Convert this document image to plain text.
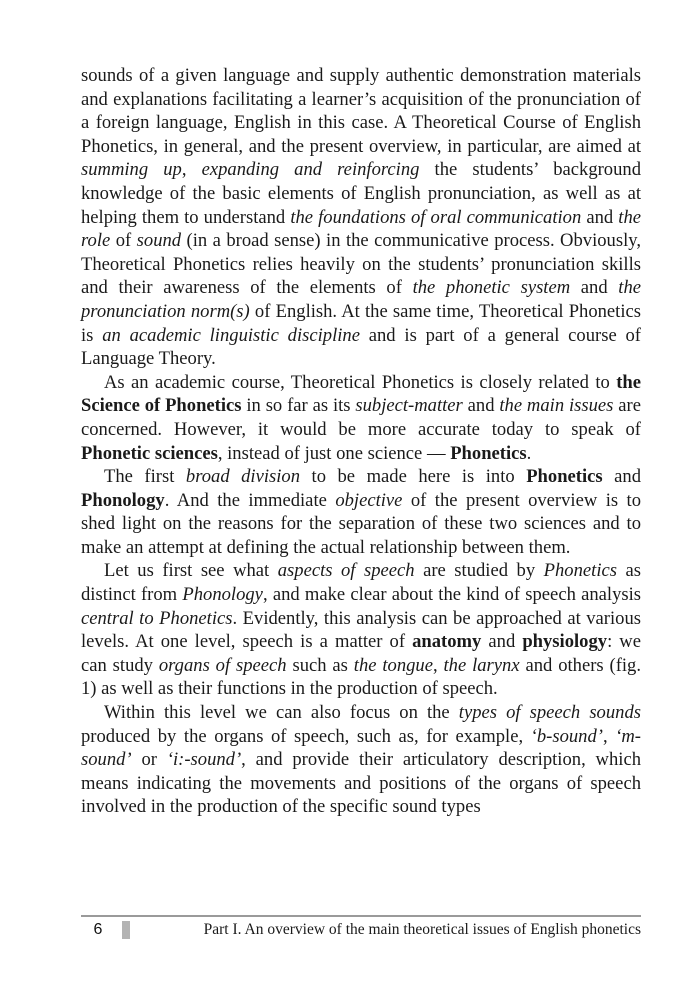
sounds of a given language and supply authentic demonstration materials and explanations facilitating a learner’s acquisition of the pronunciation of a foreign language, English in this case. A Theoretical Course of English Phonetics, in general, and the present overview, in particular, are aimed at summing up, expanding and reinforcing the students’ background knowledge of the basic elements of English pronunciation, as well as at helping them to understand the foundations of oral communication and the role of sound (in a broad sense) in the communicative process. Obviously, Theoretical Phonetics relies heavily on the students’ pronunciation skills and their awareness of the elements of the phonetic system and the pronunciation norm(s) of English. At the same time, Theoretical Phonetics is an academic linguistic discipline and is part of a general course of Language Theory.

As an academic course, Theoretical Phonetics is closely related to the Science of Phonetics in so far as its subject-matter and the main issues are concerned. However, it would be more accurate today to speak of Phonetic sciences, instead of just one science — Phonetics.

The first broad division to be made here is into Phonetics and Phonology. And the immediate objective of the present overview is to shed light on the reasons for the separation of these two sciences and to make an attempt at defining the actual relationship between them.

Let us first see what aspects of speech are studied by Phonetics as distinct from Phonology, and make clear about the kind of speech analysis central to Phonetics. Evidently, this analysis can be approached at various levels. At one level, speech is a matter of anatomy and physiology: we can study organs of speech such as the tongue, the larynx and others (fig. 1) as well as their functions in the production of speech.

Within this level we can also focus on the types of speech sounds produced by the organs of speech, such as, for example, ‘b-sound’, ‘m-sound’ or ‘i:-sound’, and provide their articulatory description, which means indicating the movements and positions of the organs of speech involved in the production of the specific sound types

6	Part I. An overview of the main theoretical issues of English phonetics
